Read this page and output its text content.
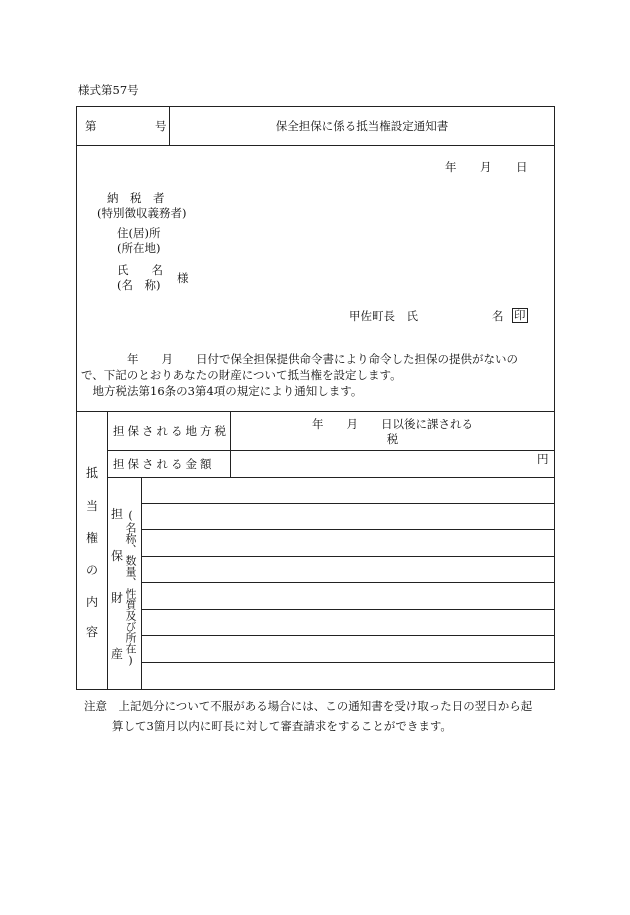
様式第57号
第	号	保全担保に係る抵当権設定通知書
年 月 日
納　税　者
(特別徴収義務者)
住(居)所
(所在地)
氏　　名
(名　称) 様
甲佐町長　氏	名 印
　　　　年　　月　　日付で保全担保提供命令書により命令した担保の提供がないの
で、下記のとおりあなたの財産について抵当権を設定します。
　地方税法第16条の3第4項の規定により通知します。
抵
当
権
の
内
容
担保される地方税	年　　月　　日以後に課される
税
担保される金額	円
担
保
財
産 (名称、数量、性質及び所在)
注意　上記処分について不服がある場合には、この通知書を受け取った日の翌日から起
算して3箇月以内に町長に対して審査請求をすることができます。
